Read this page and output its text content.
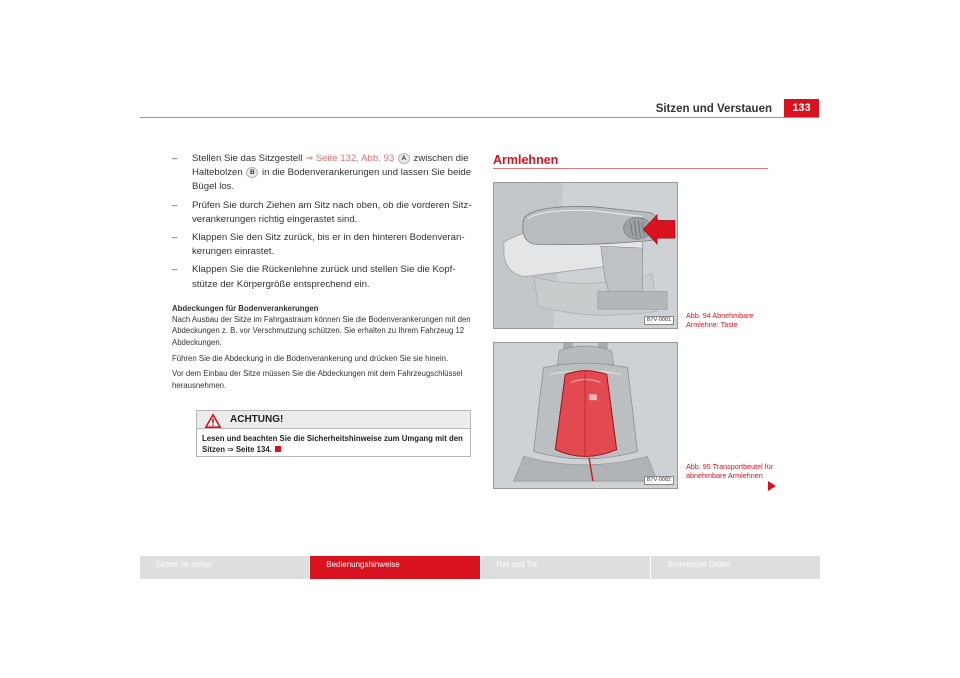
Sitzen und Verstauen	133
– Stellen Sie das Sitzgestell ⇒ Seite 132, Abb. 93 A zwischen die Haltebolzen B in die Bodenverankerungen und lassen Sie beide Bügel los.
– Prüfen Sie durch Ziehen am Sitz nach oben, ob die vorderen Sitzverankerungen richtig eingerastet sind.
– Klappen Sie den Sitz zurück, bis er in den hinteren Bodenverankerungen einrastet.
– Klappen Sie die Rückenlehne zurück und stellen Sie die Kopfstütze der Körpergröße entsprechend ein.
Abdeckungen für Bodenverankerungen

Nach Ausbau der Sitze im Fahrgastraum können Sie die Bodenverankerungen mit den Abdeckungen z. B. vor Verschmutzung schützen. Sie erhalten zu Ihrem Fahrzeug 12 Abdeckungen.

Führen Sie die Abdeckung in die Bodenverankerung und drücken Sie sie hinein.

Vor dem Einbau der Sitze müssen Sie die Abdeckungen mit dem Fahrzeugschlüssel herausnehmen.

ACHTUNG!
Lesen und beachten Sie die Sicherheitshinweise zum Umgang mit den Sitzen ⇒ Seite 134.
Armlehnen
B7V-0081
B7V-0082
Abb. 94 Abnehmbare Armlehne: Taste
Abb. 95 Transportbeutel für abnehmbare Armlehnen
Sicher ist sicher	Bedienungshinweise	Rat und Tat	Technische Daten
